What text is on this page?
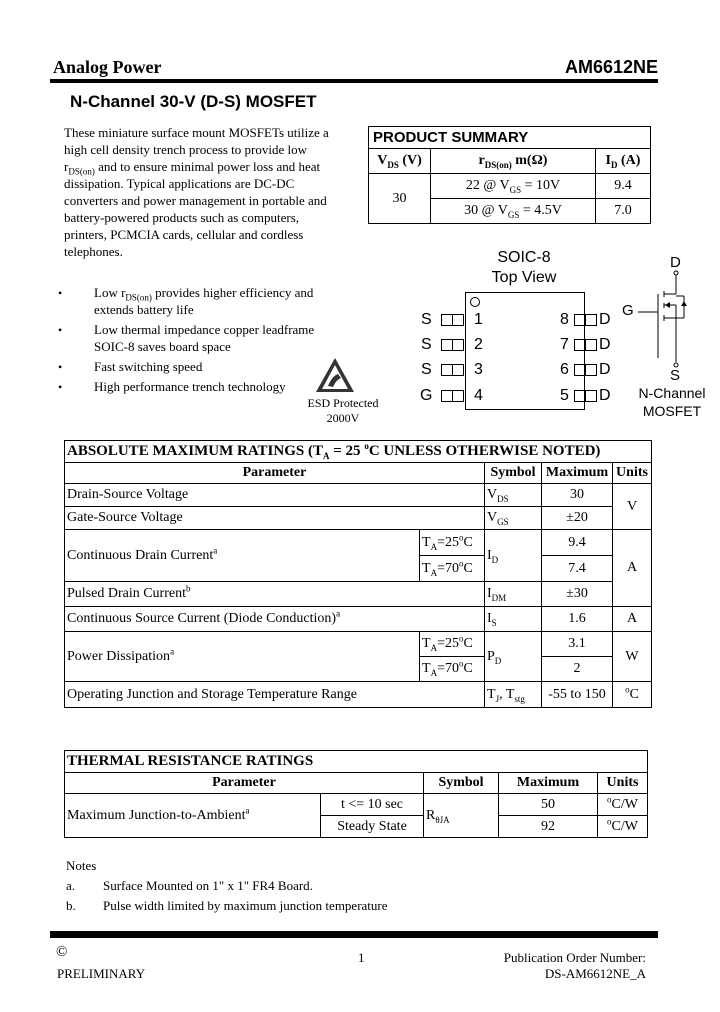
Analog Power	AM6612NE
N-Channel 30-V (D-S) MOSFET
These miniature surface mount MOSFETs utilize a
high cell density trench process to provide low
$r_{DS(on)}$ and to ensure minimal power loss and heat
dissipation. Typical applications are DC-DC
converters and power management in portable and
battery-powered products such as computers,
printers, PCMCIA cards, cellular and cordless
telephones.
• Low $r_{DS(on)}$ provides higher efficiency and
extends battery life
• Low thermal impedance copper leadframe
SOIC-8 saves board space
• Fast switching speed
• High performance trench technology
ESD Protected
2000V
PRODUCT SUMMARY		
$V_{DS}$ (V)	$r_{DS(on)}$ m(Ω)	$I_D$ (A)
30	22 @ $V_{GS} = 10V$	9.4
	30 @ $V_{GS} = 4.5V$	7.0
SOIC-8
Top View
S	1
S	2
S	3
G	4
8 D
7 D
6 D
5 D
D
G
S
N-Channel
MOSFET
ABSOLUTE MAXIMUM RATINGS ($T_A = 25$ $^o$C UNLESS OTHERWISE NOTED)				
Parameter		Symbol	Maximum	Units
Drain-Source Voltage		$V_{DS}$	30	V
Gate-Source Voltage		$V_{GS}$	±20	
Continuous Drain Current$^a$	$T_A=25^oC$	$I_D$	9.4	A
	$T_A=70^oC$		7.4	
Pulsed Drain Current$^b$		$I_{DM}$	±30	
Continuous Source Current (Diode Conduction)$^a$		$I_S$	1.6	A
Power Dissipation$^a$	$T_A=25^oC$	$P_D$	3.1	W
	$T_A=70^oC$		2	
Operating Junction and Storage Temperature Range		$T_J$, $T_{stg}$	-55 to 150	$^o$C
THERMAL RESISTANCE RATINGS				
Parameter		Symbol	Maximum	Units
Maximum Junction-to-Ambient$^a$	t <= 10 sec	$R_{\theta JA}$	50	$^o$C/W
	Steady State		92	$^o$C/W
Notes
a. Surface Mounted on 1" x 1" FR4 Board.
b. Pulse width limited by maximum junction temperature
©
PRELIMINARY
1	Publication Order Number:
DS-AM6612NE_A
